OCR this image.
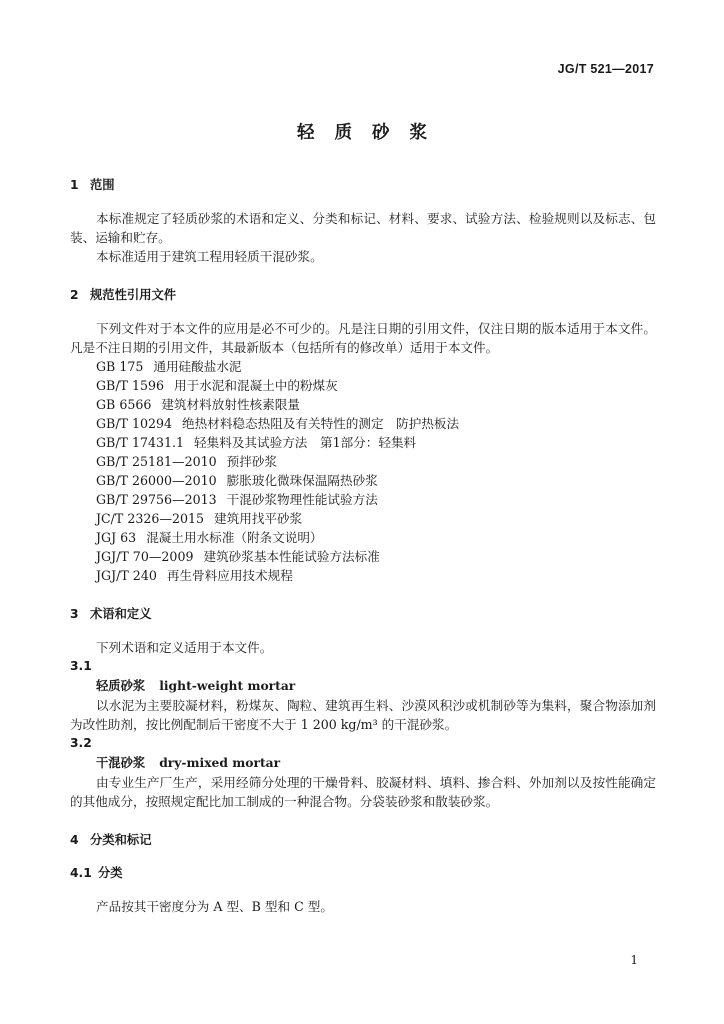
JG/T 521—2017
轻质砂浆
1 范围

本标准规定了轻质砂浆的术语和定义、分类和标记、材料、要求、试验方法、检验规则以及标志、包装、运输和贮存。

本标准适用于建筑工程用轻质干混砂浆。

2 规范性引用文件

下列文件对于本文件的应用是必不可少的。凡是注日期的引用文件，仅注日期的版本适用于本文件。凡是不注日期的引用文件，其最新版本（包括所有的修改单）适用于本文件。

GB 175 通用硅酸盐水泥
GB/T 1596 用于水泥和混凝土中的粉煤灰
GB 6566 建筑材料放射性核素限量
GB/T 10294 绝热材料稳态热阻及有关特性的测定　防护热板法
GB/T 17431.1 轻集料及其试验方法　第1部分：轻集料
GB/T 25181—2010 预拌砂浆
GB/T 26000—2010 膨胀玻化微珠保温隔热砂浆
GB/T 29756—2013 干混砂浆物理性能试验方法
JC/T 2326—2015 建筑用找平砂浆
JGJ 63 混凝土用水标准（附条文说明）
JGJ/T 70—2009 建筑砂浆基本性能试验方法标准
JGJ/T 240 再生骨料应用技术规程
3 术语和定义

下列术语和定义适用于本文件。

3.1
轻质砂浆 light-weight mortar

以水泥为主要胶凝材料，粉煤灰、陶粒、建筑再生料、沙漠风积沙或机制砂等为集料，聚合物添加剂为改性助剂，按比例配制后干密度不大于 1 200 kg/m³ 的干混砂浆。

3.2
干混砂浆 dry-mixed mortar

由专业生产厂生产，采用经筛分处理的干燥骨料、胶凝材料、填料、掺合料、外加剂以及按性能确定的其他成分，按照规定配比加工制成的一种混合物。分袋装砂浆和散装砂浆。

4 分类和标记
4.1 分类

产品按其干密度分为 A 型、B 型和 C 型。

1
